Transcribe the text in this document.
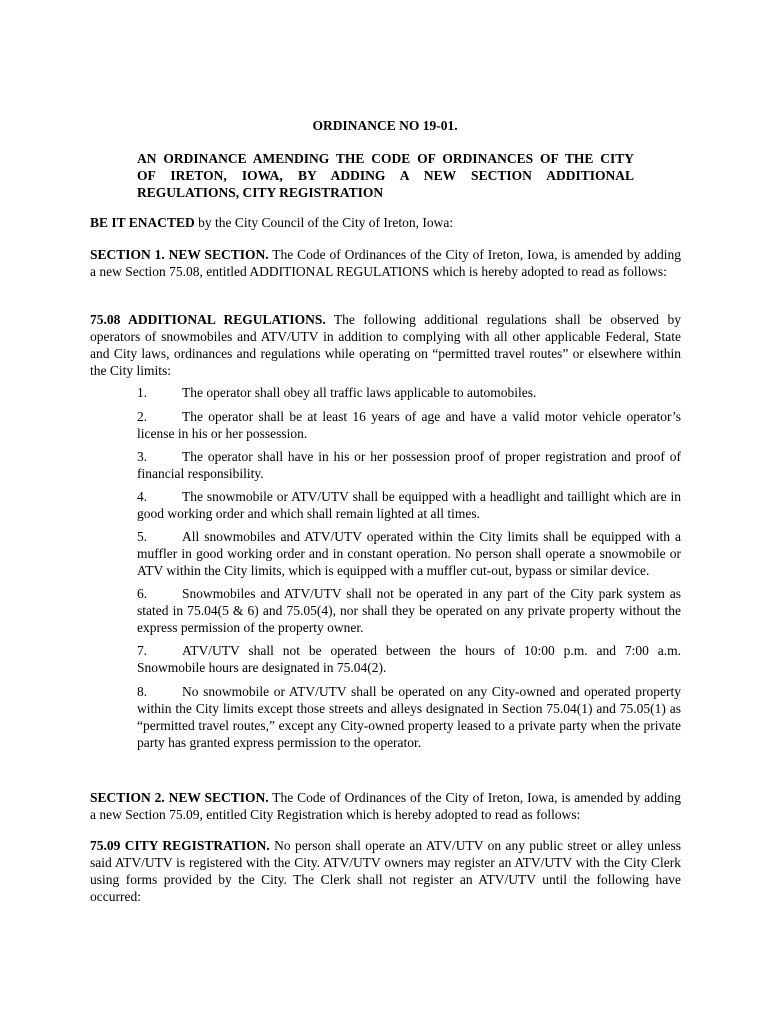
ORDINANCE NO 19-01.
AN ORDINANCE AMENDING THE CODE OF ORDINANCES OF THE CITY
OF IRETON, IOWA, BY ADDING A NEW SECTION ADDITIONAL
REGULATIONS, CITY REGISTRATION
BE IT ENACTED by the City Council of the City of Ireton, Iowa:
SECTION 1. NEW SECTION. The Code of Ordinances of the City of Ireton, Iowa, is amended by adding a new Section 75.08, entitled ADDITIONAL REGULATIONS which is hereby adopted to read as follows:
75.08 ADDITIONAL REGULATIONS. The following additional regulations shall be observed by operators of snowmobiles and ATV/UTV in addition to complying with all other applicable Federal, State and City laws, ordinances and regulations while operating on “permitted travel routes” or elsewhere within the City limits:
1.	The operator shall obey all traffic laws applicable to automobiles.
2.	The operator shall be at least 16 years of age and have a valid motor vehicle operator’s license in his or her possession.
3.	The operator shall have in his or her possession proof of proper registration and proof of financial responsibility.
4.	The snowmobile or ATV/UTV shall be equipped with a headlight and taillight which are in good working order and which shall remain lighted at all times.
5.	All snowmobiles and ATV/UTV operated within the City limits shall be equipped with a muffler in good working order and in constant operation. No person shall operate a snowmobile or ATV within the City limits, which is equipped with a muffler cut-out, bypass or similar device.
6.	Snowmobiles and ATV/UTV shall not be operated in any part of the City park system as stated in 75.04(5 & 6) and 75.05(4), nor shall they be operated on any private property without the express permission of the property owner.
7.	ATV/UTV shall not be operated between the hours of 10:00 p.m. and 7:00 a.m. Snowmobile hours are designated in 75.04(2).
8.	No snowmobile or ATV/UTV shall be operated on any City-owned and operated property within the City limits except those streets and alleys designated in Section 75.04(1) and 75.05(1) as “permitted travel routes,” except any City-owned property leased to a private party when the private party has granted express permission to the operator.
SECTION 2. NEW SECTION. The Code of Ordinances of the City of Ireton, Iowa, is amended by adding a new Section 75.09, entitled City Registration which is hereby adopted to read as follows:
75.09 CITY REGISTRATION. No person shall operate an ATV/UTV on any public street or alley unless said ATV/UTV is registered with the City. ATV/UTV owners may register an ATV/UTV with the City Clerk using forms provided by the City. The Clerk shall not register an ATV/UTV until the following have occurred:
